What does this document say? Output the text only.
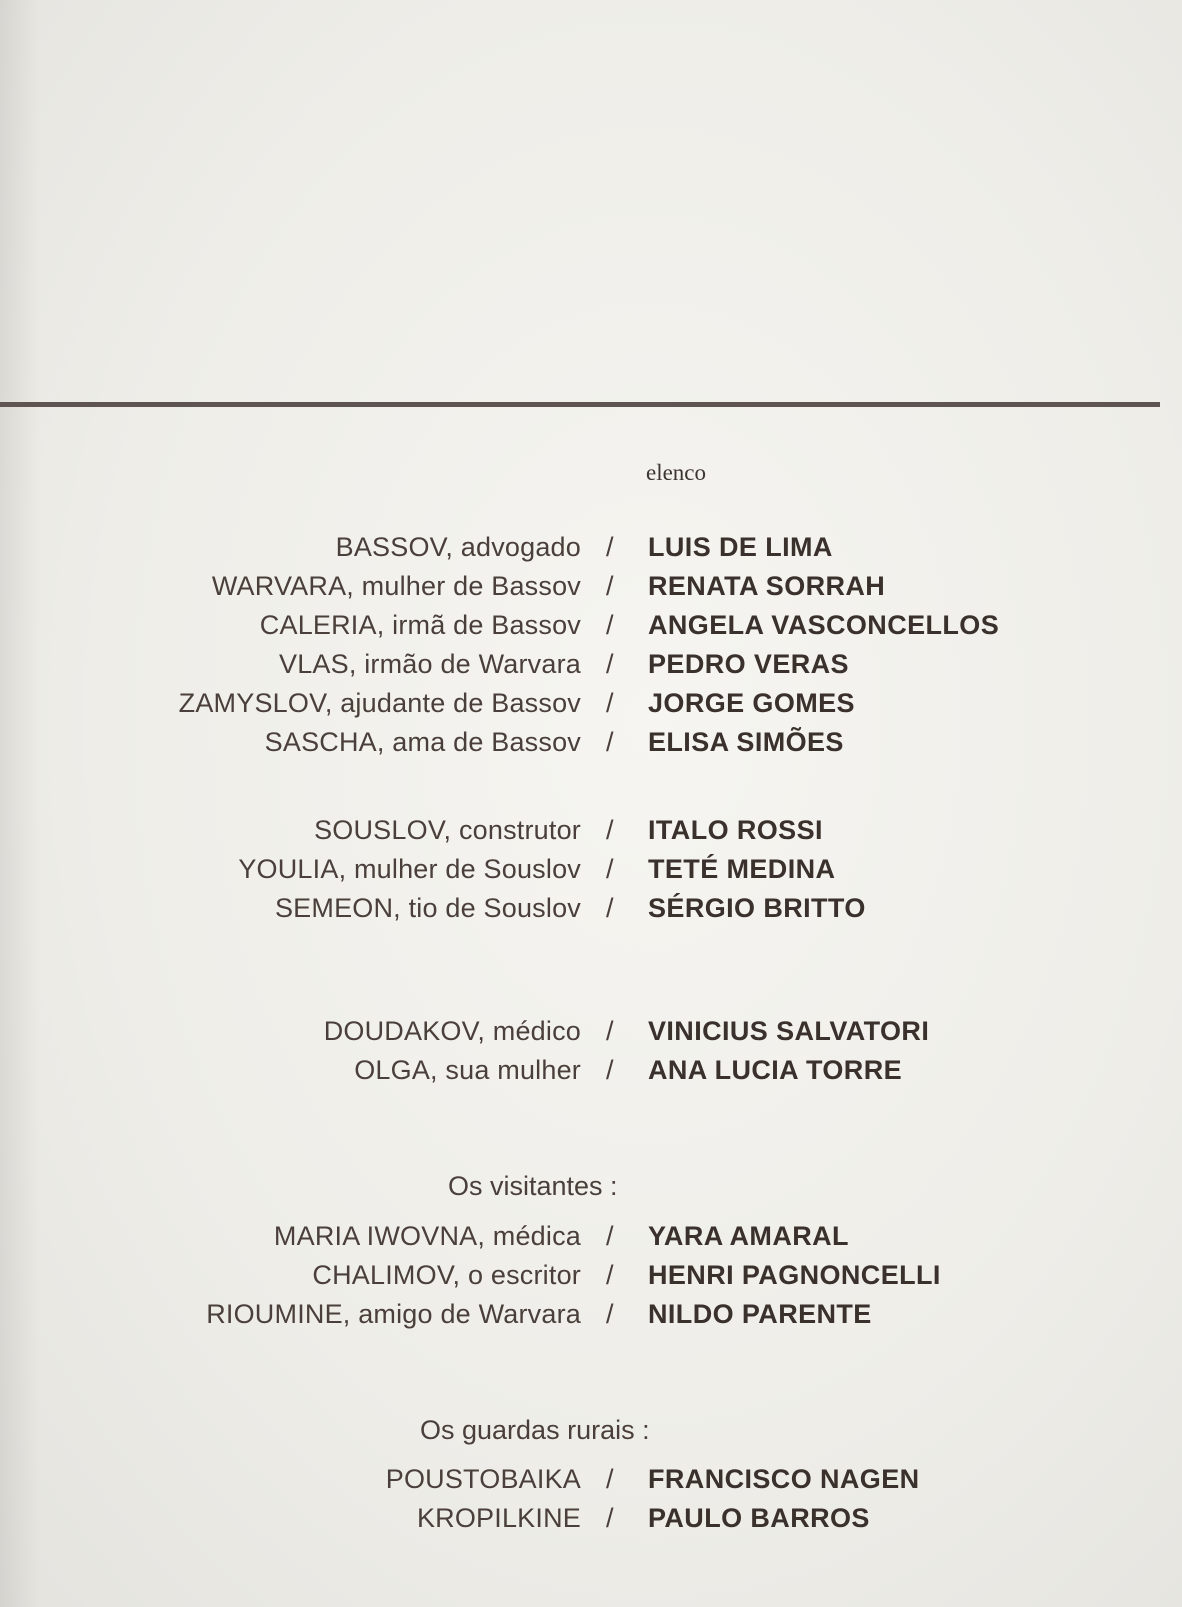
elenco
BASSOV, advogado / LUIS DE LIMA
WARVARA, mulher de Bassov / RENATA SORRAH
CALERIA, irmã de Bassov / ANGELA VASCONCELLOS
VLAS, irmão de Warvara / PEDRO VERAS
ZAMYSLOV, ajudante de Bassov / JORGE GOMES
SASCHA, ama de Bassov / ELISA SIMÕES
SOUSLOV, construtor / ITALO ROSSI
YOULIA, mulher de Souslov / TETÉ MEDINA
SEMEON, tio de Souslov / SÉRGIO BRITTO
DOUDAKOV, médico / VINICIUS SALVATORI
OLGA, sua mulher / ANA LUCIA TORRE
Os visitantes :
MARIA IWOVNA, médica / YARA AMARAL
CHALIMOV, o escritor / HENRI PAGNONCELLI
RIOUMINE, amigo de Warvara / NILDO PARENTE
Os guardas rurais :
POUSTOBAIKA / FRANCISCO NAGEN
KROPILKINE / PAULO BARROS
